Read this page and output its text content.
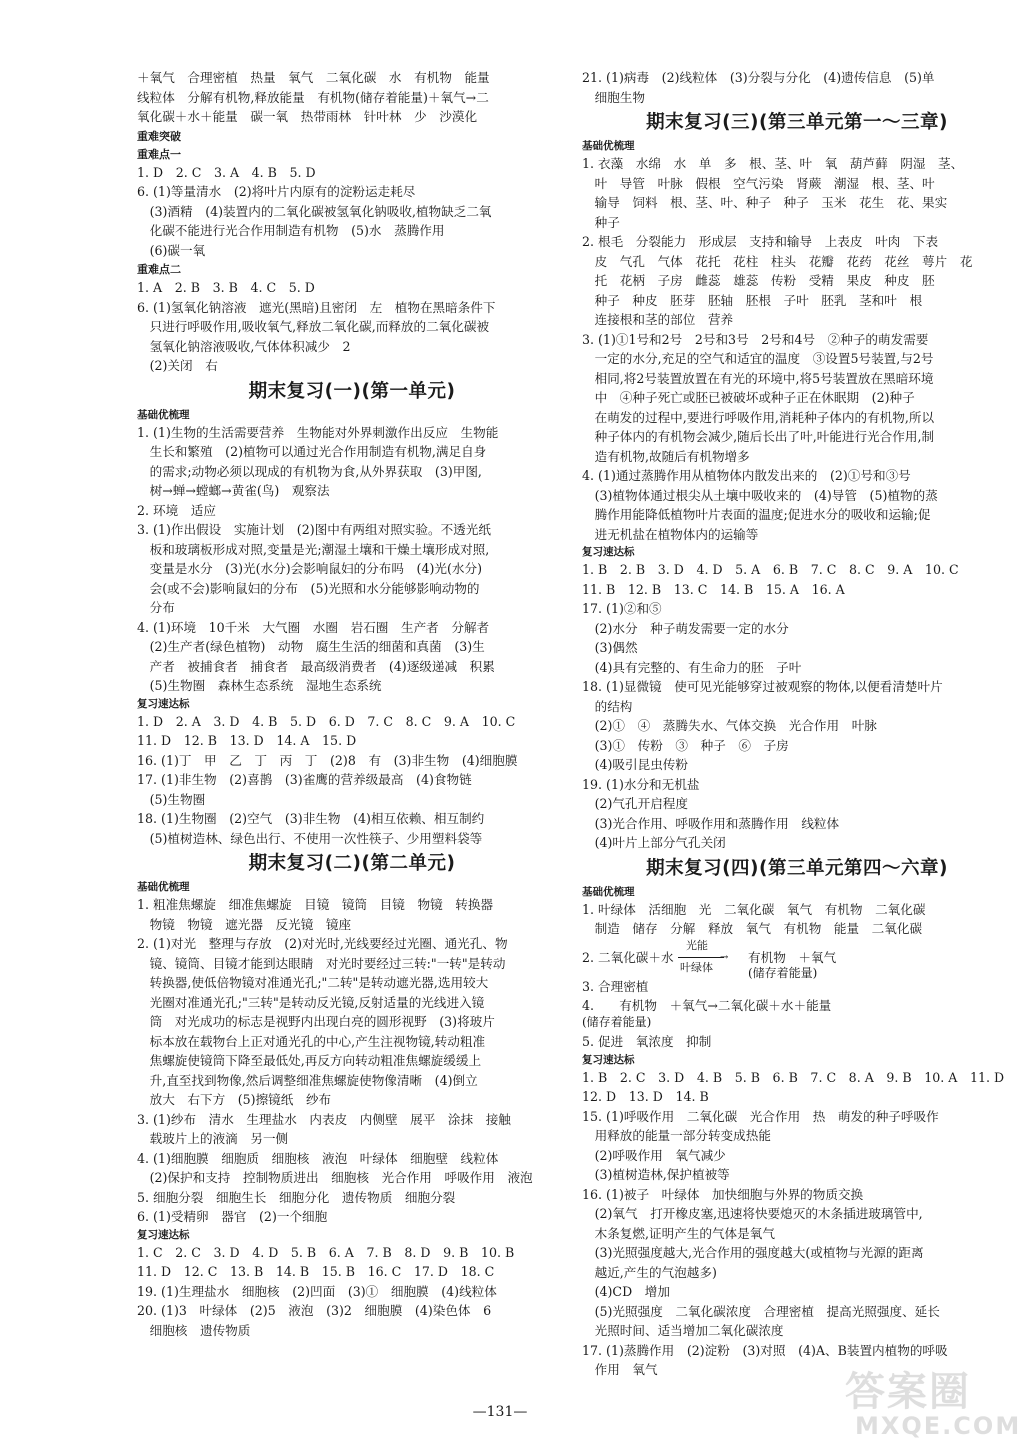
＋氧气　合理密植　热量　氧气　二氧化碳　水　有机物　能量
线粒体　分解有机物,释放能量　有机物(储存着能量)＋氧气→二
氧化碳＋水＋能量　碳一氧　热带雨林　针叶林　少　沙漠化
重难突破
重难点一
1. D　2. C　3. A　4. B　5. D
6. (1)等量清水　(2)将叶片内原有的淀粉运走耗尽
　(3)酒精　(4)装置内的二氧化碳被氢氧化钠吸收,植物缺乏二氧
　化碳不能进行光合作用制造有机物　(5)水　蒸腾作用
　(6)碳一氧
重难点二
1. A　2. B　3. B　4. C　5. D
6. (1)氢氧化钠溶液　遮光(黑暗)且密闭　左　植物在黑暗条件下
　只进行呼吸作用,吸收氧气,释放二氧化碳,而释放的二氧化碳被
　氢氧化钠溶液吸收,气体体积减少　2
　(2)关闭　右
期末复习(一)(第一单元)
基础优梳理
1. (1)生物的生活需要营养　生物能对外界刺激作出反应　生物能
　生长和繁殖　(2)植物可以通过光合作用制造有机物,满足自身
　的需求;动物必须以现成的有机物为食,从外界获取　(3)甲图,
　树→蝉→螳螂→黄雀(鸟)　观察法
2. 环境　适应
3. (1)作出假设　实施计划　(2)图中有两组对照实验。不透光纸
　板和玻璃板形成对照,变量是光;潮湿土壤和干燥土壤形成对照,
　变量是水分　(3)光(水分)会影响鼠妇的分布吗　(4)光(水分)
　会(或不会)影响鼠妇的分布　(5)光照和水分能够影响动物的
　分布
4. (1)环境　10千米　大气圈　水圈　岩石圈　生产者　分解者
　(2)生产者(绿色植物)　动物　腐生生活的细菌和真菌　(3)生
　产者　被捕食者　捕食者　最高级消费者　(4)逐级递减　积累
　(5)生物圈　森林生态系统　湿地生态系统
复习速达标
1. D　2. A　3. D　4. B　5. D　6. D　7. C　8. C　9. A　10. C
11. D　12. B　13. D　14. A　15. D
16. (1)丁　甲　乙　丁　丙　丁　(2)8　有　(3)非生物　(4)细胞膜
17. (1)非生物　(2)喜鹊　(3)雀鹰的营养级最高　(4)食物链
　(5)生物圈
18. (1)生物圈　(2)空气　(3)非生物　(4)相互依赖、相互制约
　(5)植树造林、绿色出行、不使用一次性筷子、少用塑料袋等
期末复习(二)(第二单元)
基础优梳理
1. 粗准焦螺旋　细准焦螺旋　目镜　镜筒　目镜　物镜　转换器
　物镜　物镜　遮光器　反光镜　镜座
2. (1)对光　整理与存放　(2)对光时,光线要经过光圈、通光孔、物
　镜、镜筒、目镜才能到达眼睛　对光时要经过三转:"一转"是转动
　转换器,使低倍物镜对准通光孔;"二转"是转动遮光器,选用较大
　光圈对准通光孔;"三转"是转动反光镜,反射适量的光线进入镜
　筒　对光成功的标志是视野内出现白亮的圆形视野　(3)将玻片
　标本放在载物台上正对通光孔的中心,产生注视物镜,转动粗准
　焦螺旋使镜筒下降至最低处,再反方向转动粗准焦螺旋缓缓上
　升,直至找到物像,然后调整细准焦螺旋使物像清晰　(4)倒立
　放大　右下方　(5)擦镜纸　纱布
3. (1)纱布　清水　生理盐水　内表皮　内侧壁　展平　涂抹　接触
　载玻片上的液滴　另一侧
4. (1)细胞膜　细胞质　细胞核　液泡　叶绿体　细胞壁　线粒体
　(2)保护和支持　控制物质进出　细胞核　光合作用　呼吸作用　液泡
5. 细胞分裂　细胞生长　细胞分化　遗传物质　细胞分裂
6. (1)受精卵　器官　(2)一个细胞
复习速达标
1. C　2. C　3. D　4. D　5. B　6. A　7. B　8. D　9. B　10. B
11. D　12. C　13. B　14. B　15. B　16. C　17. D　18. C
19. (1)生理盐水　细胞核　(2)凹面　(3)①　细胞膜　(4)线粒体
20. (1)3　叶绿体　(2)5　液泡　(3)2　细胞膜　(4)染色体　6
　细胞核　遗传物质
21. (1)病毒　(2)线粒体　(3)分裂与分化　(4)遗传信息　(5)单
　细胞生物
期末复习(三)(第三单元第一～三章)
基础优梳理
1. 衣藻　水绵　水　单　多　根、茎、叶　氧　葫芦藓　阴湿　茎、
　叶　导管　叶脉　假根　空气污染　肾蕨　潮湿　根、茎、叶
　输导　饲料　根、茎、叶、种子　种子　玉米　花生　花、果实
　种子
2. 根毛　分裂能力　形成层　支持和输导　上表皮　叶肉　下表
　皮　气孔　气体　花托　花柱　柱头　花瓣　花药　花丝　萼片　花
　托　花柄　子房　雌蕊　雄蕊　传粉　受精　果皮　种皮　胚
　种子　种皮　胚芽　胚轴　胚根　子叶　胚乳　茎和叶　根
　连接根和茎的部位　营养
3. (1)①1号和2号　2号和3号　2号和4号　②种子的萌发需要
　一定的水分,充足的空气和适宜的温度　③设置5号装置,与2号
　相同,将2号装置放置在有光的环境中,将5号装置放在黑暗环境
　中　④种子死亡或胚已被破坏或种子正在休眠期　(2)种子
　在萌发的过程中,要进行呼吸作用,消耗种子体内的有机物,所以
　种子体内的有机物会减少,随后长出了叶,叶能进行光合作用,制
　造有机物,故随后有机物增多
4. (1)通过蒸腾作用从植物体内散发出来的　(2)①号和③号
　(3)植物体通过根尖从土壤中吸收来的　(4)导管　(5)植物的蒸
　腾作用能降低植物叶片表面的温度;促进水分的吸收和运输;促
　进无机盐在植物体内的运输等
复习速达标
1. B　2. B　3. D　4. D　5. A　6. B　7. C　8. C　9. A　10. C
11. B　12. B　13. C　14. B　15. A　16. A
17. (1)②和⑤
　(2)水分　种子萌发需要一定的水分
　(3)偶然
　(4)具有完整的、有生命力的胚　子叶
18. (1)显微镜　使可见光能够穿过被观察的物体,以便看清楚叶片
　的结构
　(2)①　④　蒸腾失水、气体交换　光合作用　叶脉
　(3)①　传粉　③　种子　⑥　子房
　(4)吸引昆虫传粉
19. (1)水分和无机盐
　(2)气孔开启程度
　(3)光合作用、呼吸作用和蒸腾作用　线粒体
　(4)叶片上部分气孔关闭
期末复习(四)(第三单元第四～六章)
基础优梳理
1. 叶绿体　活细胞　光　二氧化碳　氧气　有机物　二氧化碳
　制造　储存　分解　释放　氧气　有机物　能量　二氧化碳
2. 二氧化碳＋水
光能
→
叶绿体
有机物　＋氧气
(储存着能量)
3. 合理密植
4.　　有机物　＋氧气→二氧化碳＋水＋能量
(储存着能量)
5. 促进　氧浓度　抑制
复习速达标
1. B　2. C　3. D　4. B　5. B　6. B　7. C　8. A　9. B　10. A　11. D
12. D　13. D　14. B
15. (1)呼吸作用　二氧化碳　光合作用　热　萌发的种子呼吸作
　用释放的能量一部分转变成热能
　(2)呼吸作用　氧气减少
　(3)植树造林,保护植被等
16. (1)被子　叶绿体　加快细胞与外界的物质交换
　(2)氧气　打开橡皮塞,迅速将快要熄灭的木条插进玻璃管中,
　木条复燃,证明产生的气体是氧气
　(3)光照强度越大,光合作用的强度越大(或植物与光源的距离
　越近,产生的气泡越多)
　(4)CD　增加
　(5)光照强度　二氧化碳浓度　合理密植　提高光照强度、延长
　光照时间、适当增加二氧化碳浓度
17. (1)蒸腾作用　(2)淀粉　(3)对照　(4)A、B装置内植物的呼吸
　作用　氧气
—131—	答案圈
MXQE.COM
